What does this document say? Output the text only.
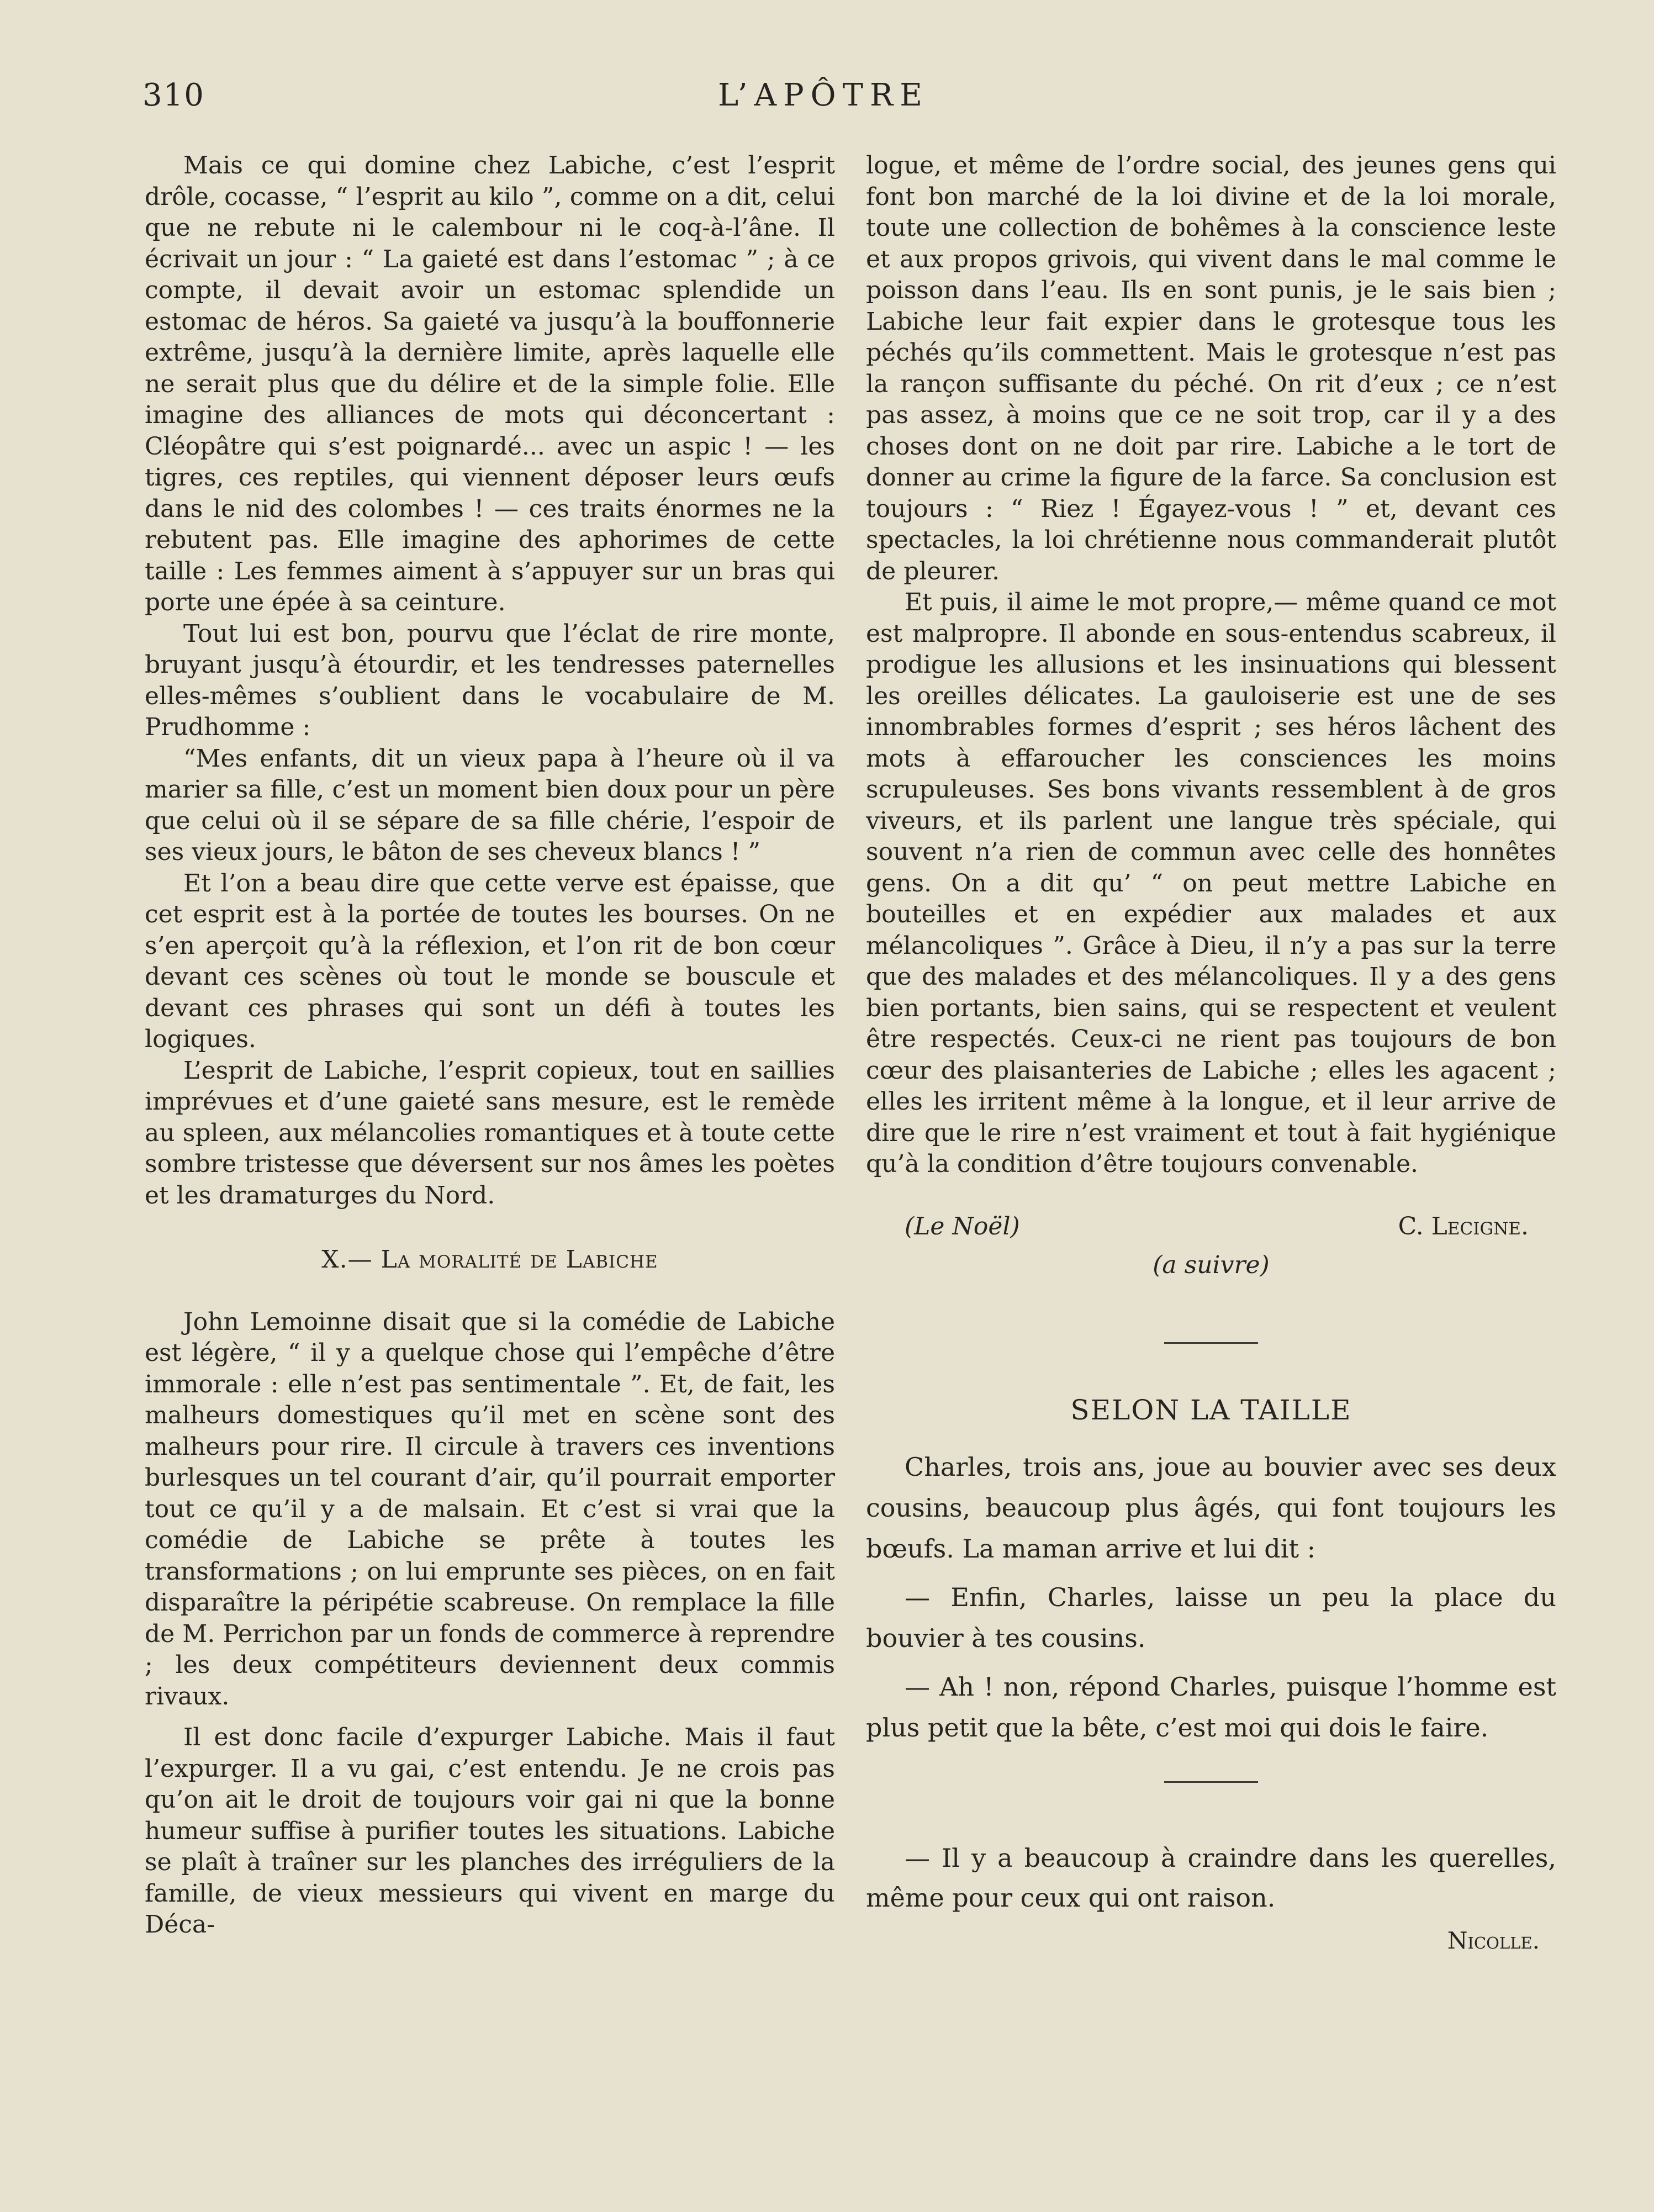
310	L’APÔTRE

Mais ce qui domine chez Labiche, c’est l’esprit drôle, cocasse, “ l’esprit au kilo ”, comme on a dit, celui que ne rebute ni le calembour ni le coq-à-l’âne. Il écrivait un jour : “ La gaieté est dans l’estomac ” ; à ce compte, il devait avoir un estomac splendide un estomac de héros. Sa gaieté va jusqu’à la bouffonnerie extrême, jusqu’à la dernière limite, après laquelle elle ne serait plus que du délire et de la simple folie. Elle imagine des alliances de mots qui déconcertant : Cléopâtre qui s’est poignardé... avec un aspic ! — les tigres, ces reptiles, qui viennent déposer leurs œufs dans le nid des colombes ! — ces traits énormes ne la rebutent pas. Elle imagine des aphorimes de cette taille : Les femmes aiment à s’appuyer sur un bras qui porte une épée à sa ceinture.

Tout lui est bon, pourvu que l’éclat de rire monte, bruyant jusqu’à étourdir, et les tendresses paternelles elles-mêmes s’oublient dans le vocabulaire de M. Prudhomme :

“Mes enfants, dit un vieux papa à l’heure où il va marier sa fille, c’est un moment bien doux pour un père que celui où il se sépare de sa fille chérie, l’espoir de ses vieux jours, le bâton de ses cheveux blancs ! ”

Et l’on a beau dire que cette verve est épaisse, que cet esprit est à la portée de toutes les bourses. On ne s’en aperçoit qu’à la réflexion, et l’on rit de bon cœur devant ces scènes où tout le monde se bouscule et devant ces phrases qui sont un défi à toutes les logiques.

L’esprit de Labiche, l’esprit copieux, tout en saillies imprévues et d’une gaieté sans mesure, est le remède au spleen, aux mélancolies romantiques et à toute cette sombre tristesse que déversent sur nos âmes les poètes et les dramaturges du Nord.

X.— La moralité de Labiche

John Lemoinne disait que si la comédie de Labiche est légère, “ il y a quelque chose qui l’empêche d’être immorale : elle n’est pas sentimentale ”. Et, de fait, les malheurs domestiques qu’il met en scène sont des malheurs pour rire. Il circule à travers ces inventions burlesques un tel courant d’air, qu’il pourrait emporter tout ce qu’il y a de malsain. Et c’est si vrai que la comédie de Labiche se prête à toutes les transformations ; on lui emprunte ses pièces, on en fait disparaître la péripétie scabreuse. On remplace la fille de M. Perrichon par un fonds de commerce à reprendre ; les deux compétiteurs deviennent deux commis rivaux.

Il est donc facile d’expurger Labiche. Mais il faut l’expurger. Il a vu gai, c’est entendu. Je ne crois pas qu’on ait le droit de toujours voir gai ni que la bonne humeur suffise à purifier toutes les situations. Labiche se plaît à traîner sur les planches des irréguliers de la famille, de vieux messieurs qui vivent en marge du Déca-

logue, et même de l’ordre social, des jeunes gens qui font bon marché de la loi divine et de la loi morale, toute une collection de bohêmes à la conscience leste et aux propos grivois, qui vivent dans le mal comme le poisson dans l’eau. Ils en sont punis, je le sais bien ; Labiche leur fait expier dans le grotesque tous les péchés qu’ils commettent. Mais le grotesque n’est pas la rançon suffisante du péché. On rit d’eux ; ce n’est pas assez, à moins que ce ne soit trop, car il y a des choses dont on ne doit par rire. Labiche a le tort de donner au crime la figure de la farce. Sa conclusion est toujours : “ Riez ! Égayez-vous ! ” et, devant ces spectacles, la loi chrétienne nous commanderait plutôt de pleurer.

Et puis, il aime le mot propre,— même quand ce mot est malpropre. Il abonde en sous-entendus scabreux, il prodigue les allusions et les insinuations qui blessent les oreilles délicates. La gauloiserie est une de ses innombrables formes d’esprit ; ses héros lâchent des mots à effaroucher les consciences les moins scrupuleuses. Ses bons vivants ressemblent à de gros viveurs, et ils parlent une langue très spéciale, qui souvent n’a rien de commun avec celle des honnêtes gens. On a dit qu’ “ on peut mettre Labiche en bouteilles et en expédier aux malades et aux mélancoliques ”. Grâce à Dieu, il n’y a pas sur la terre que des malades et des mélancoliques. Il y a des gens bien portants, bien sains, qui se respectent et veulent être respectés. Ceux-ci ne rient pas toujours de bon cœur des plaisanteries de Labiche ; elles les agacent ; elles les irritent même à la longue, et il leur arrive de dire que le rire n’est vraiment et tout à fait hygiénique qu’à la condition d’être toujours convenable.

(Le Noël)	C. Lecigne.
(a suivre)
SELON LA TAILLE

Charles, trois ans, joue au bouvier avec ses deux cousins, beaucoup plus âgés, qui font toujours les bœufs. La maman arrive et lui dit :

— Enfin, Charles, laisse un peu la place du bouvier à tes cousins.

— Ah ! non, répond Charles, puisque l’homme est plus petit que la bête, c’est moi qui dois le faire.

— Il y a beaucoup à craindre dans les querelles, même pour ceux qui ont raison.

Nicolle.
